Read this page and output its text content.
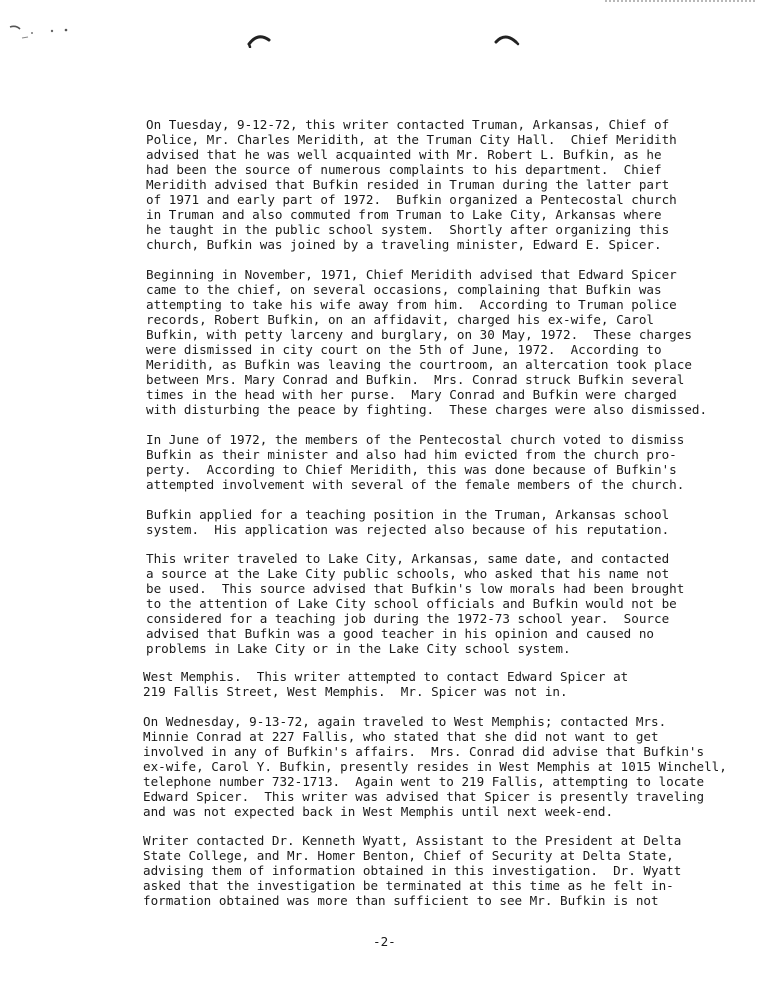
On Tuesday, 9-12-72, this writer contacted Truman, Arkansas, Chief of
Police, Mr. Charles Meridith, at the Truman City Hall.  Chief Meridith
advised that he was well acquainted with Mr. Robert L. Bufkin, as he
had been the source of numerous complaints to his department.  Chief
Meridith advised that Bufkin resided in Truman during the latter part
of 1971 and early part of 1972.  Bufkin organized a Pentecostal church
in Truman and also commuted from Truman to Lake City, Arkansas where
he taught in the public school system.  Shortly after organizing this
church, Bufkin was joined by a traveling minister, Edward E. Spicer.
Beginning in November, 1971, Chief Meridith advised that Edward Spicer
came to the chief, on several occasions, complaining that Bufkin was
attempting to take his wife away from him.  According to Truman police
records, Robert Bufkin, on an affidavit, charged his ex-wife, Carol
Bufkin, with petty larceny and burglary, on 30 May, 1972.  These charges
were dismissed in city court on the 5th of June, 1972.  According to
Meridith, as Bufkin was leaving the courtroom, an altercation took place
between Mrs. Mary Conrad and Bufkin.  Mrs. Conrad struck Bufkin several
times in the head with her purse.  Mary Conrad and Bufkin were charged
with disturbing the peace by fighting.  These charges were also dismissed.
In June of 1972, the members of the Pentecostal church voted to dismiss
Bufkin as their minister and also had him evicted from the church pro-
perty.  According to Chief Meridith, this was done because of Bufkin's
attempted involvement with several of the female members of the church.
Bufkin applied for a teaching position in the Truman, Arkansas school
system.  His application was rejected also because of his reputation.
This writer traveled to Lake City, Arkansas, same date, and contacted
a source at the Lake City public schools, who asked that his name not
be used.  This source advised that Bufkin's low morals had been brought
to the attention of Lake City school officials and Bufkin would not be
considered for a teaching job during the 1972-73 school year.  Source
advised that Bufkin was a good teacher in his opinion and caused no
problems in Lake City or in the Lake City school system.
West Memphis.  This writer attempted to contact Edward Spicer at
219 Fallis Street, West Memphis.  Mr. Spicer was not in.
On Wednesday, 9-13-72, again traveled to West Memphis; contacted Mrs.
Minnie Conrad at 227 Fallis, who stated that she did not want to get
involved in any of Bufkin's affairs.  Mrs. Conrad did advise that Bufkin's
ex-wife, Carol Y. Bufkin, presently resides in West Memphis at 1015 Winchell,
telephone number 732-1713.  Again went to 219 Fallis, attempting to locate
Edward Spicer.  This writer was advised that Spicer is presently traveling
and was not expected back in West Memphis until next week-end.
Writer contacted Dr. Kenneth Wyatt, Assistant to the President at Delta
State College, and Mr. Homer Benton, Chief of Security at Delta State,
advising them of information obtained in this investigation.  Dr. Wyatt
asked that the investigation be terminated at this time as he felt in-
formation obtained was more than sufficient to see Mr. Bufkin is not
-2-
